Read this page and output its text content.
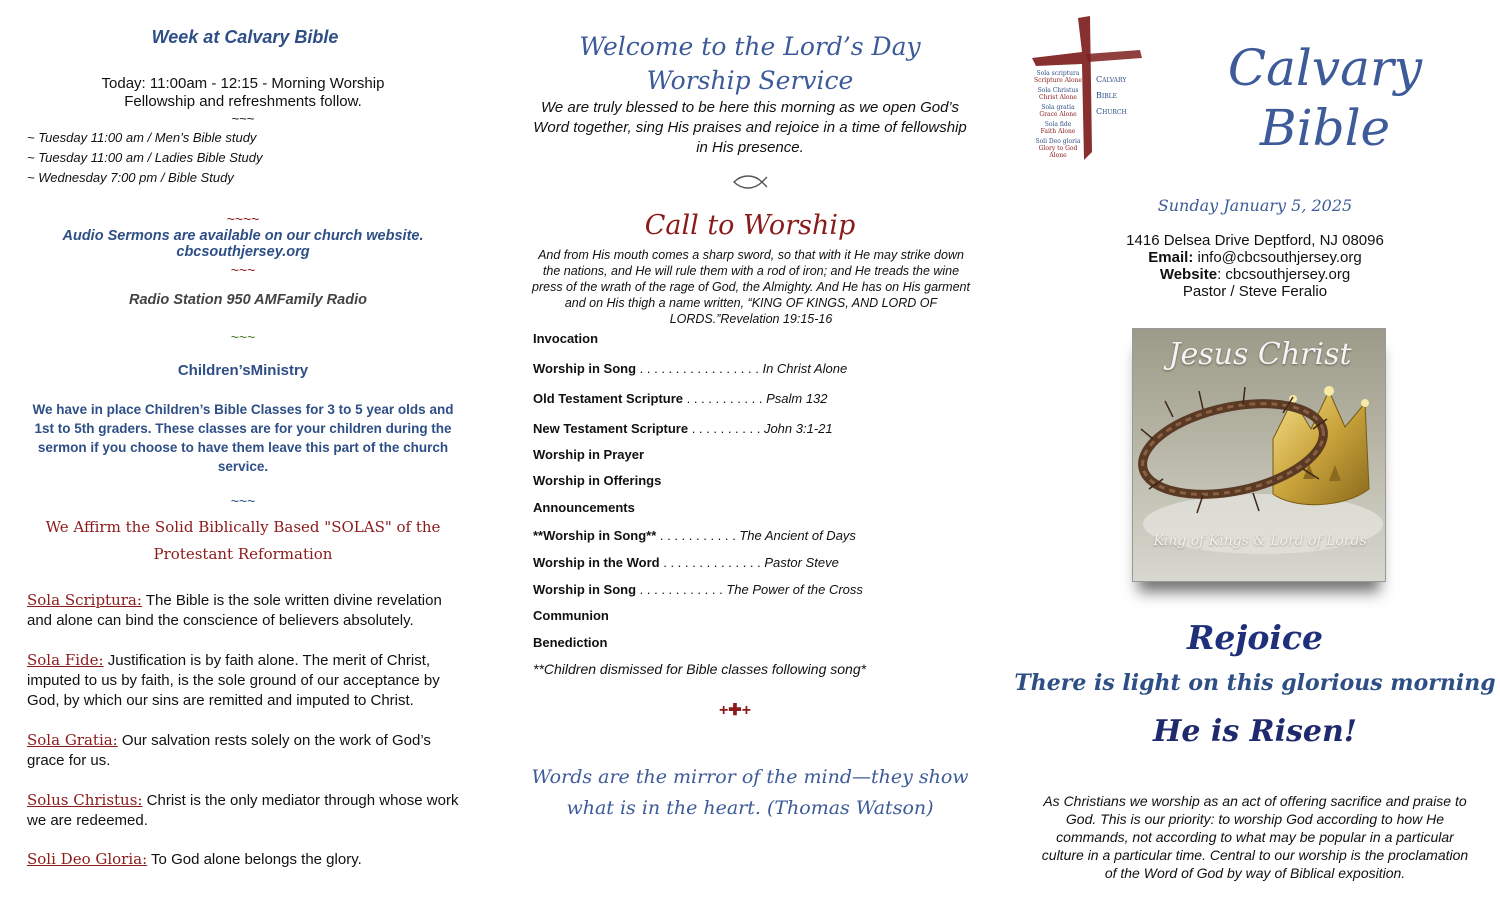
Week at Calvary Bible
Today: 11:00am - 12:15 - Morning Worship
Fellowship and refreshments follow.
~~~
~ Tuesday 11:00 am / Men’s Bible study
~ Tuesday 11:00 am / Ladies Bible Study
~ Wednesday 7:00 pm / Bible Study
~~~~
Audio Sermons are available on our church website.
cbcsouthjersey.org
~~~
Radio Station 950 AMFamily Radio
~~~
Children’sMinistry
We have in place Children’s Bible Classes for 3 to 5 year olds and 1st to 5th graders. These classes are for your children during the sermon if you choose to have them leave this part of the church service.
~~~
We Affirm the Solid Biblically Based "SOLAS" of the Protestant Reformation
Sola Scriptura: The Bible is the sole written divine revelation and alone can bind the conscience of believers absolutely.
Sola Fide: Justification is by faith alone. The merit of Christ, imputed to us by faith, is the sole ground of our acceptance by God, by which our sins are remitted and imputed to Christ.
Sola Gratia: Our salvation rests solely on the work of God’s grace for us.
Solus Christus: Christ is the only mediator through whose work we are redeemed.
Soli Deo Gloria: To God alone belongs the glory.
Welcome to the Lord’s Day
Worship Service
We are truly blessed to be here this morning as we open God’s Word together, sing His praises and rejoice in a time of fellowship in His presence.
Call to Worship
And from His mouth comes a sharp sword, so that with it He may strike down the nations, and He will rule them with a rod of iron; and He treads the wine press of the wrath of the rage of God, the Almighty. And He has on His garment and on His thigh a name written, “KING OF KINGS, AND LORD OF LORDS.”Revelation 19:15-16
Invocation
Worship in Song . . . . . . . . . . . . . . . . . In Christ Alone
Old Testament Scripture . . . . . . . . . . . Psalm 132
New Testament Scripture . . . . . . . . . . John 3:1-21
Worship in Prayer
Worship in Offerings
Announcements
**Worship in Song** . . . . . . . . . . . The Ancient of Days
Worship in the Word . . . . . . . . . . . . . . Pastor Steve
Worship in Song . . . . . . . . . . . . The Power of the Cross
Communion
Benediction
**Children dismissed for Bible classes following song*
+✚+
Words are the mirror of the mind—they show what is in the heart. (Thomas Watson)
Sola scriptura
Scripture Alone
Sola Christus
Christ Alone
Sola gratia
Grace Alone
Sola fide
Faith Alone
Soli Deo gloria
Glory to God Alone
Calvary
Bible
Church
Calvary
Bible
Sunday January 5, 2025
1416 Delsea Drive Deptford, NJ 08096
Email: info@cbcsouthjersey.org
Website: cbcsouthjersey.org
Pastor / Steve Feralio
Jesus Christ
King of Kings & Lord of Lords
Rejoice
There is light on this glorious morning
He is Risen!
As Christians we worship as an act of offering sacrifice and praise to God. This is our priority: to worship God according to how He commands, not according to what may be popular in a particular culture in a particular time. Central to our worship is the proclamation of the Word of God by way of Biblical exposition.
